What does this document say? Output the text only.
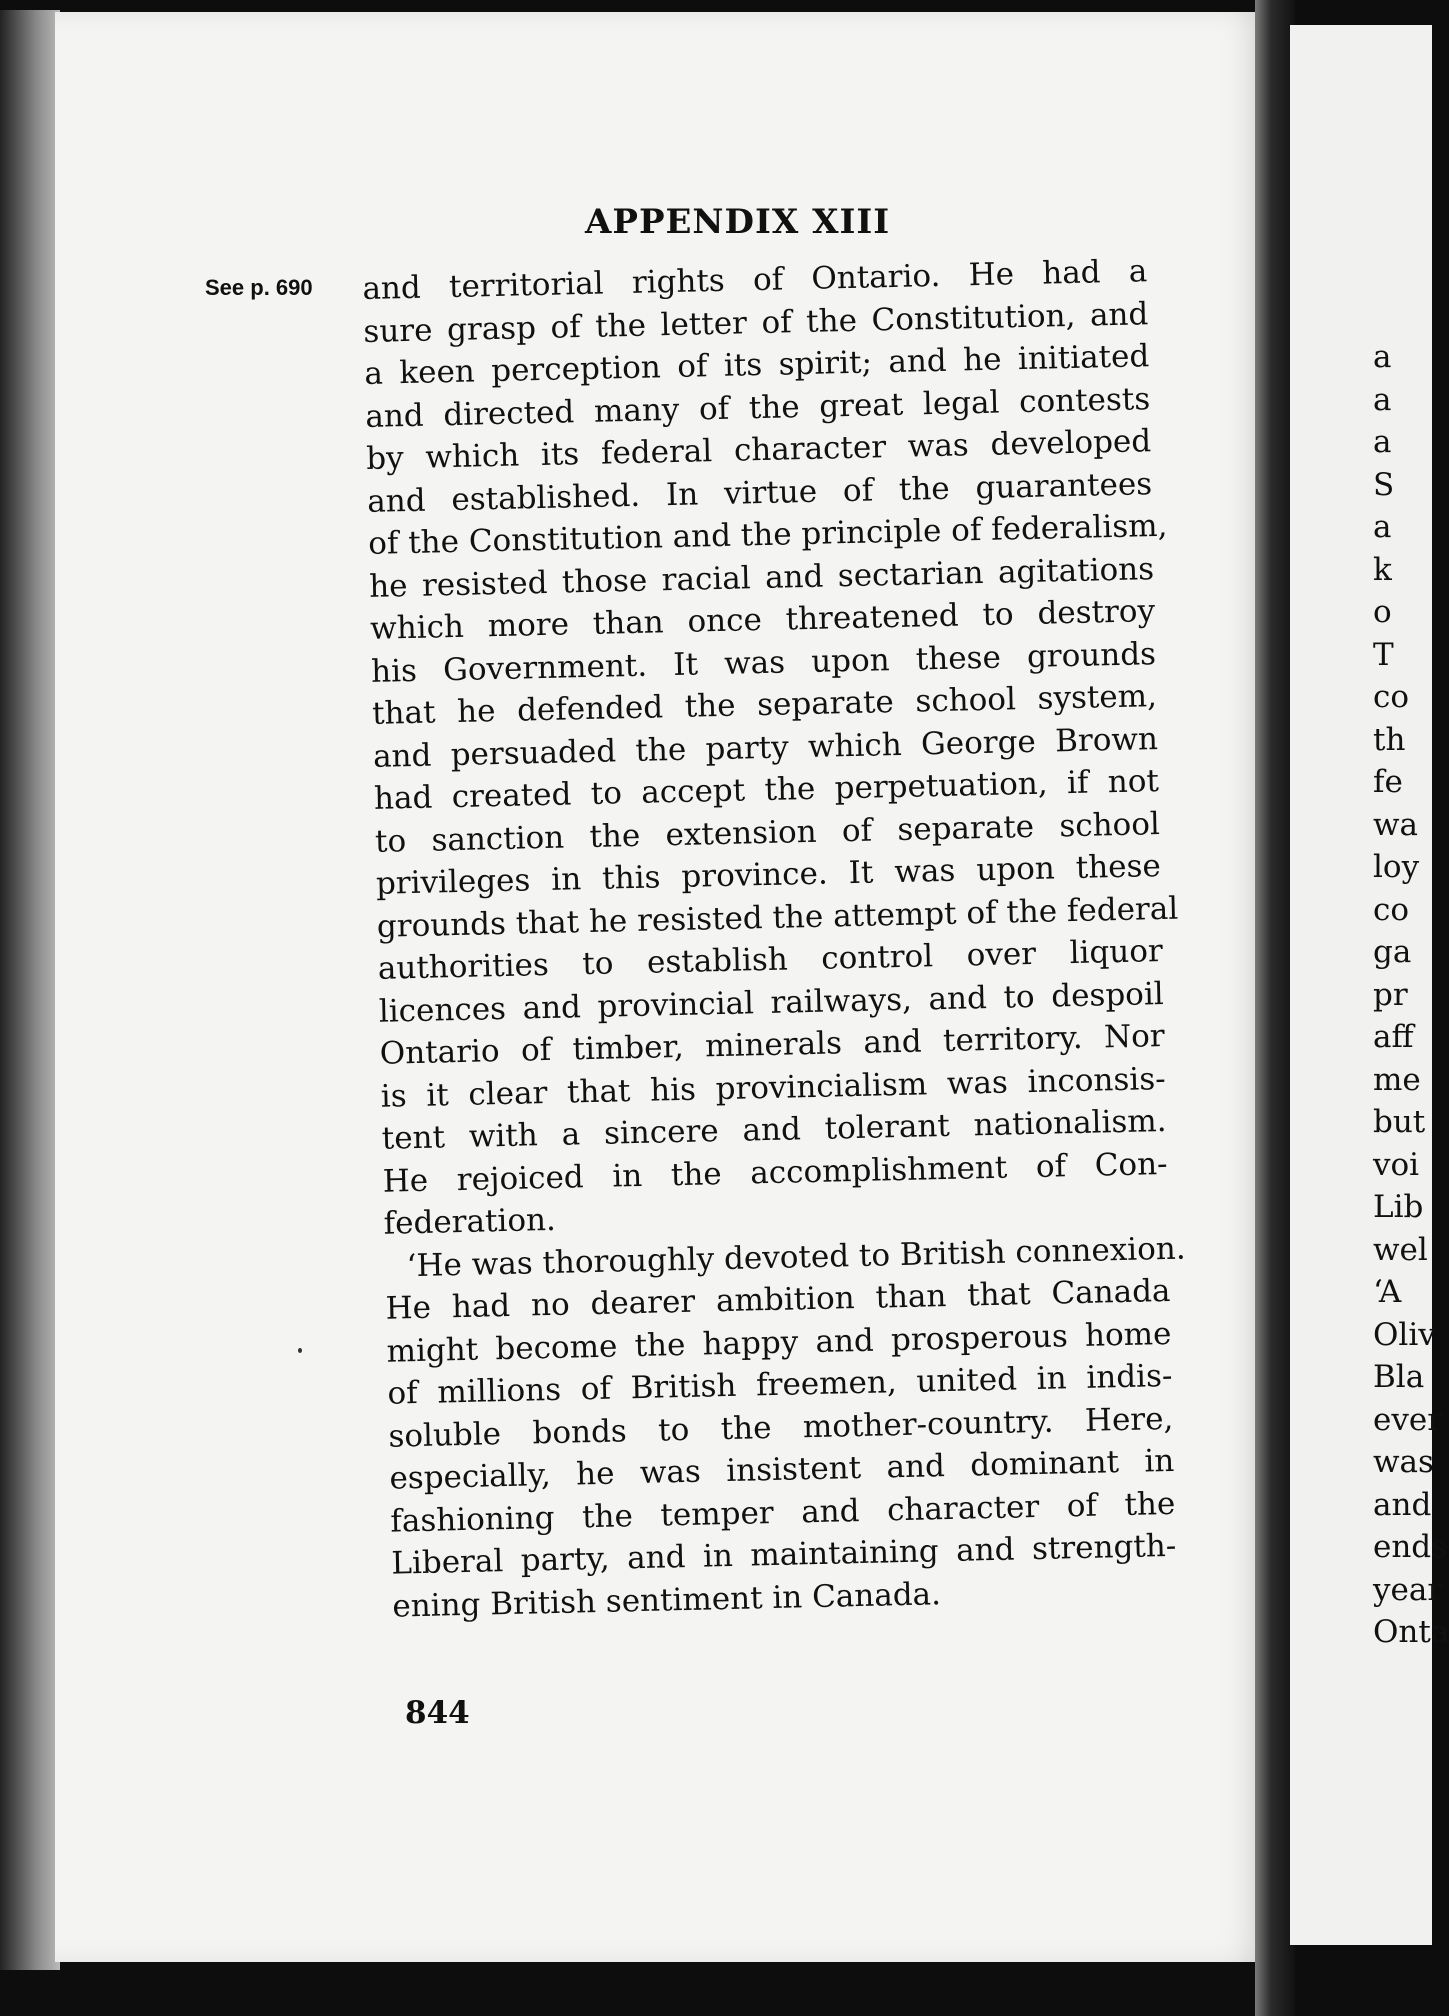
APPENDIX XIII
See p. 690 and territorial rights of Ontario. He had a
sure grasp of the letter of the Constitution, and
a keen perception of its spirit; and he initiated
and directed many of the great legal contests
by which its federal character was developed
and established. In virtue of the guarantees
of the Constitution and the principle of federalism,
he resisted those racial and sectarian agitations
which more than once threatened to destroy
his Government. It was upon these grounds
that he defended the separate school system,
and persuaded the party which George Brown
had created to accept the perpetuation, if not
to sanction the extension of separate school
privileges in this province. It was upon these
grounds that he resisted the attempt of the federal
authorities to establish control over liquor
licences and provincial railways, and to despoil
Ontario of timber, minerals and territory. Nor
is it clear that his provincialism was inconsis-
tent with a sincere and tolerant nationalism.
He rejoiced in the accomplishment of Con-
federation.
‘He was thoroughly devoted to British connexion.
He had no dearer ambition than that Canada
might become the happy and prosperous home
of millions of British freemen, united in indis-
soluble bonds to the mother-country. Here,
especially, he was insistent and dominant in
fashioning the temper and character of the
Liberal party, and in maintaining and strength-
ening British sentiment in Canada.
844
a
a
a
S
a
k
o
T
co
th
fe
wa
loy
co
ga
pr
aff
me
but
voi
Lib
wel
‘A
Oliv
Bla
ever
was
and
ends
year
Onta
